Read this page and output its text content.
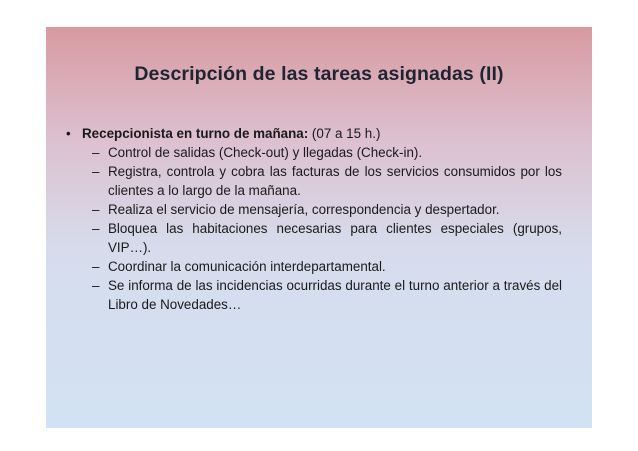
Descripción de las tareas asignadas (II)
• Recepcionista en turno de mañana: (07 a 15 h.)
– Control de salidas (Check-out) y llegadas (Check-in).
– Registra, controla y cobra las facturas de los servicios consumidos por los clientes a lo largo de la mañana.
– Realiza el servicio de mensajería, correspondencia y despertador.
– Bloquea las habitaciones necesarias para clientes especiales (grupos, VIP…).
– Coordinar la comunicación interdepartamental.
– Se informa de las incidencias ocurridas durante el turno anterior a través del Libro de Novedades…
